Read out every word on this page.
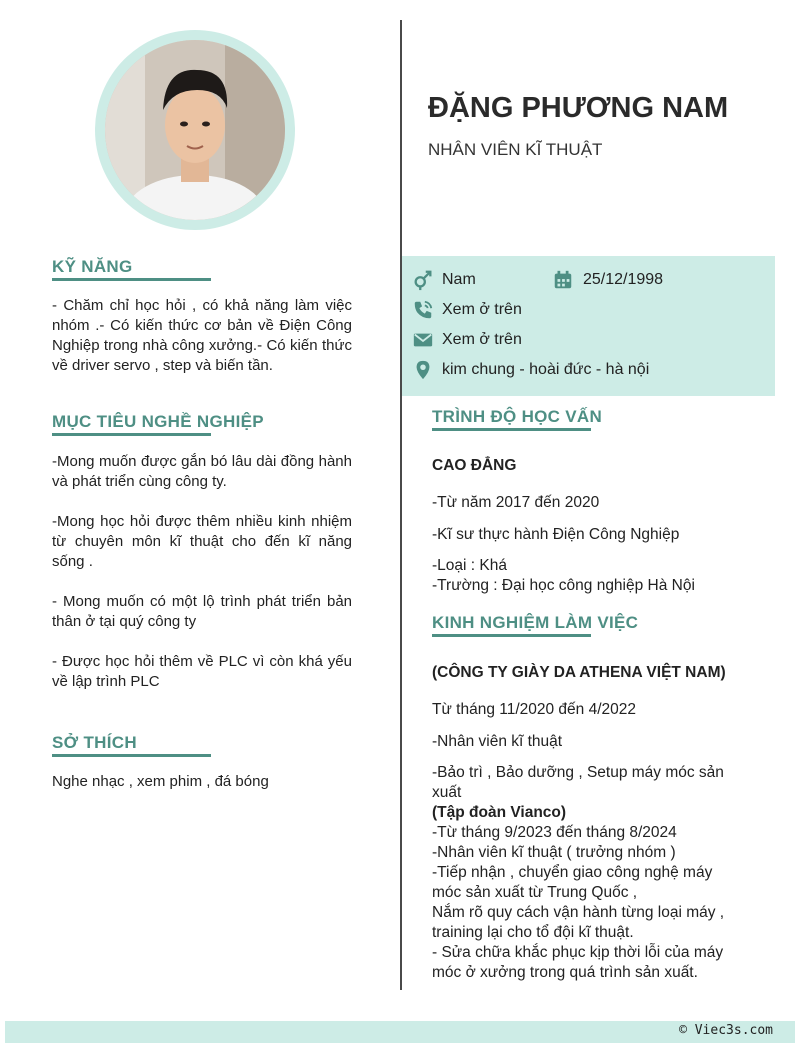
KỸ NĂNG
- Chăm chỉ học hỏi , có khả năng làm việc nhóm .- Có kiến thức cơ bản về Điện Công Nghiệp trong nhà công xưởng.- Có kiến thức về driver servo , step và biến tần.
MỤC TIÊU NGHỀ NGHIỆP
-Mong muốn được gắn bó lâu dài đồng hành và phát triển cùng công ty.
-Mong học hỏi được thêm nhiều kinh nhiệm từ chuyên môn kĩ thuật cho đến kĩ năng sống .
- Mong muốn có một lộ trình phát triển bản thân ở tại quý công ty
- Được học hỏi thêm về PLC vì còn khá yếu về lập trình PLC
SỞ THÍCH
Nghe nhạc , xem phim , đá bóng
ĐẶNG PHƯƠNG NAM
NHÂN VIÊN KĨ THUẬT
Nam	25/12/1998
Xem ở trên
Xem ở trên
kim chung - hoài đức - hà nội
TRÌNH ĐỘ HỌC VẤN
CAO ĐẲNG
-Từ năm 2017 đến 2020
-Kĩ sư thực hành Điện Công Nghiệp
-Loại : Khá
-Trường : Đại học công nghiệp Hà Nội
KINH NGHIỆM LÀM VIỆC
(CÔNG TY GIÀY DA ATHENA VIỆT NAM)
Từ tháng 11/2020 đến 4/2022
-Nhân viên kĩ thuật
-Bảo trì , Bảo dưỡng , Setup máy móc sản xuất
(Tập đoàn Vianco)
-Từ tháng 9/2023 đến tháng 8/2024
-Nhân viên kĩ thuật ( trưởng nhóm )
-Tiếp nhận , chuyển giao công nghệ máy móc sản xuất từ Trung Quốc ,
Nắm rõ quy cách vận hành từng loại máy , training lại cho tổ đội kĩ thuật.
- Sửa chữa khắc phục kịp thời lỗi của máy móc ở xưởng trong quá trình sản xuất.
© Viec3s.com
